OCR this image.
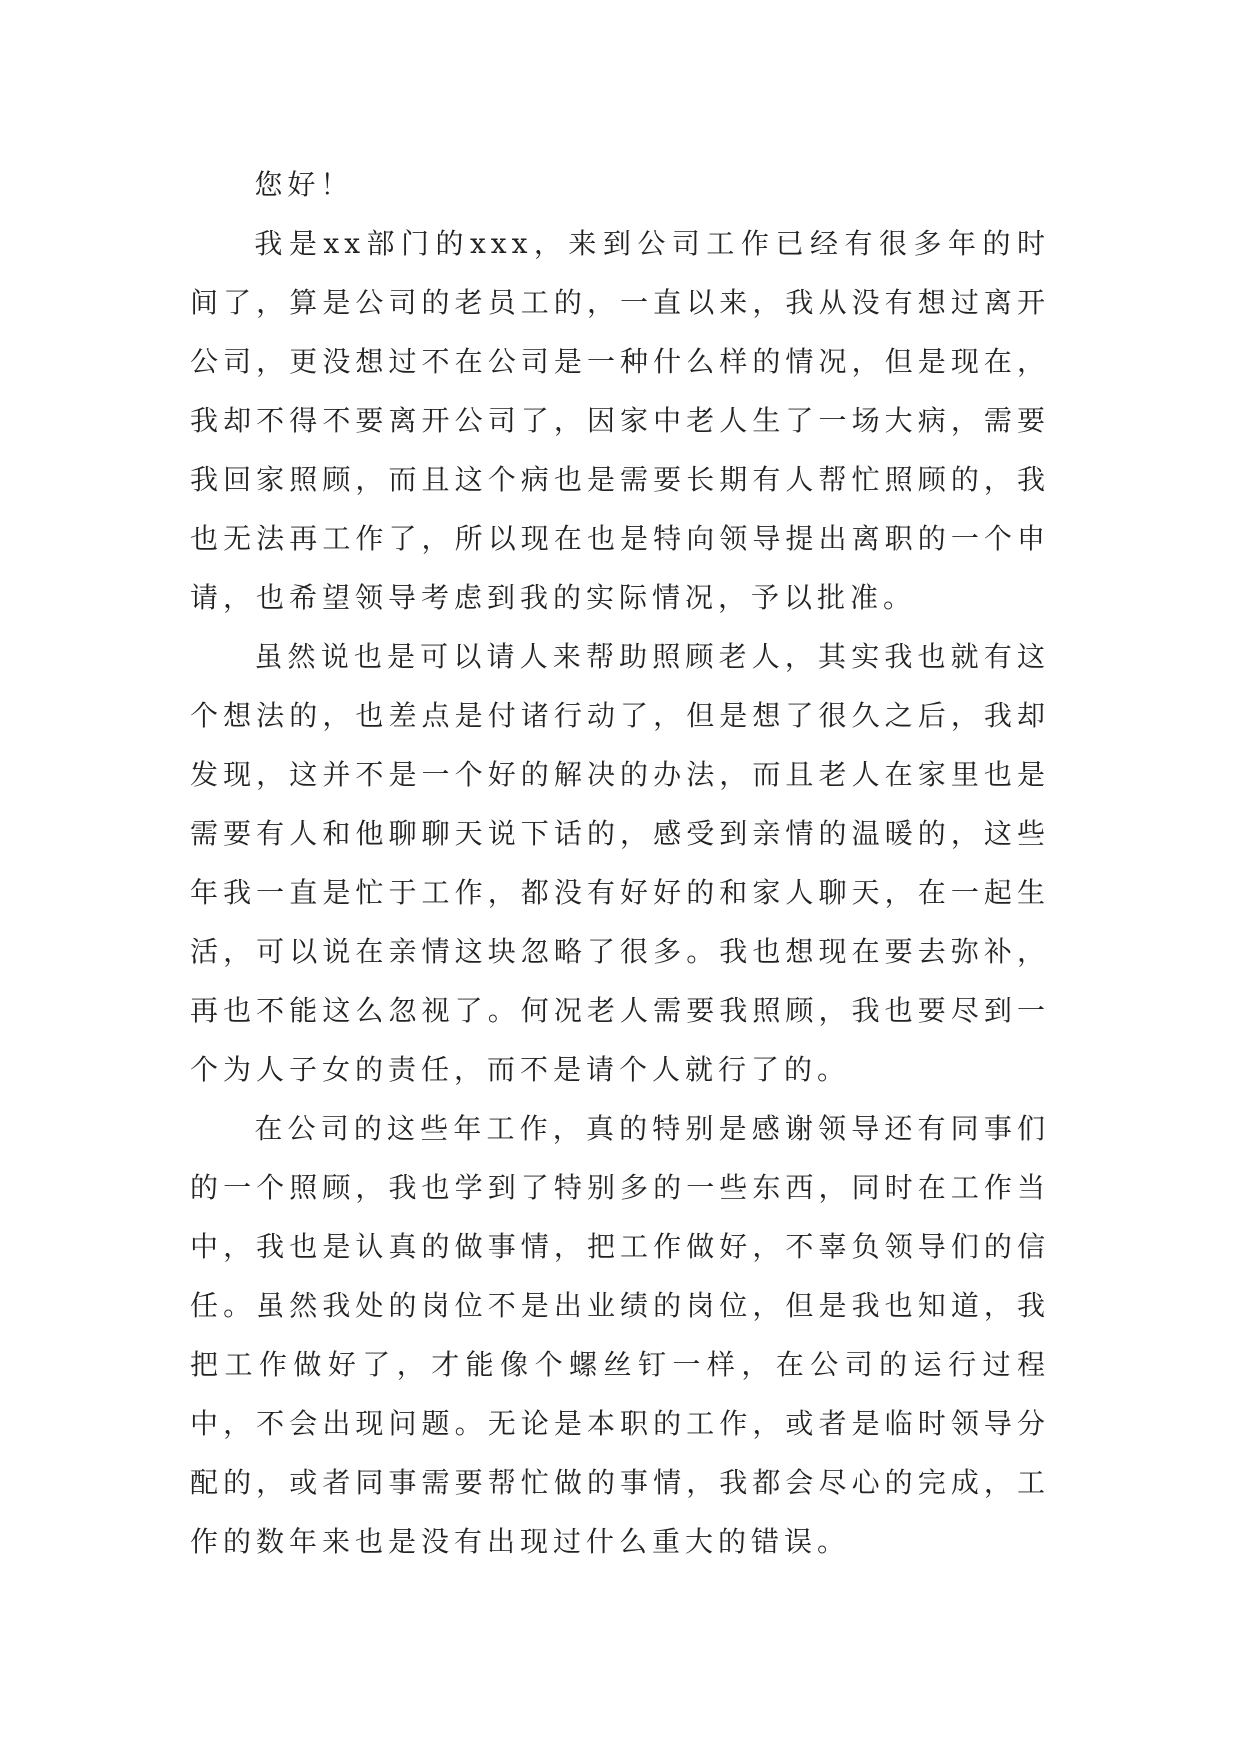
您好！

我是xx部门的xxx，来到公司工作已经有很多年的时间了，算是公司的老员工的，一直以来，我从没有想过离开公司，更没想过不在公司是一种什么样的情况，但是现在，我却不得不要离开公司了，因家中老人生了一场大病，需要我回家照顾，而且这个病也是需要长期有人帮忙照顾的，我也无法再工作了，所以现在也是特向领导提出离职的一个申请，也希望领导考虑到我的实际情况，予以批准。

虽然说也是可以请人来帮助照顾老人，其实我也就有这个想法的，也差点是付诸行动了，但是想了很久之后，我却发现，这并不是一个好的解决的办法，而且老人在家里也是需要有人和他聊聊天说下话的，感受到亲情的温暖的，这些年我一直是忙于工作，都没有好好的和家人聊天，在一起生活，可以说在亲情这块忽略了很多。我也想现在要去弥补，再也不能这么忽视了。何况老人需要我照顾，我也要尽到一个为人子女的责任，而不是请个人就行了的。

在公司的这些年工作，真的特别是感谢领导还有同事们的一个照顾，我也学到了特别多的一些东西，同时在工作当中，我也是认真的做事情，把工作做好，不辜负领导们的信任。虽然我处的岗位不是出业绩的岗位，但是我也知道，我把工作做好了，才能像个螺丝钉一样，在公司的运行过程中，不会出现问题。无论是本职的工作，或者是临时领导分配的，或者同事需要帮忙做的事情，我都会尽心的完成，工作的数年来也是没有出现过什么重大的错误。
